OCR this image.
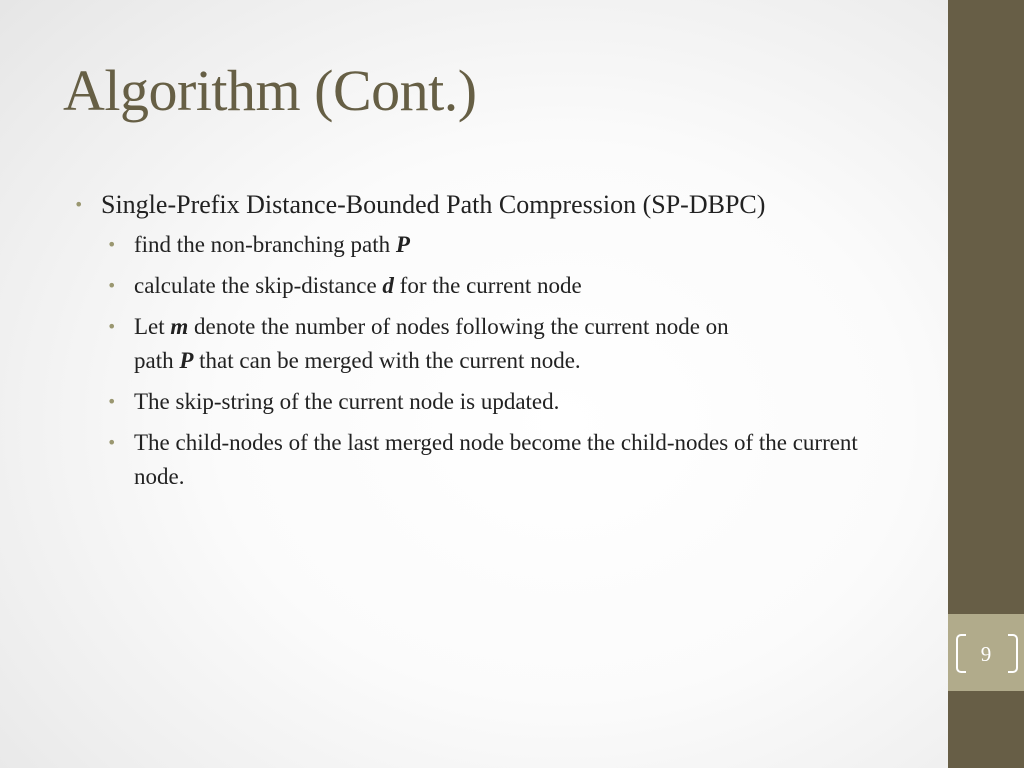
Algorithm (Cont.)
• Single-Prefix Distance-Bounded Path Compression (SP-DBPC)
• find the non-branching path P
• calculate the skip-distance d for the current node
• Let m denote the number of nodes following the current node on
path P that can be merged with the current node.
• The skip-string of the current node is updated.
• The child-nodes of the last merged node become the child-nodes of the current node.
9
